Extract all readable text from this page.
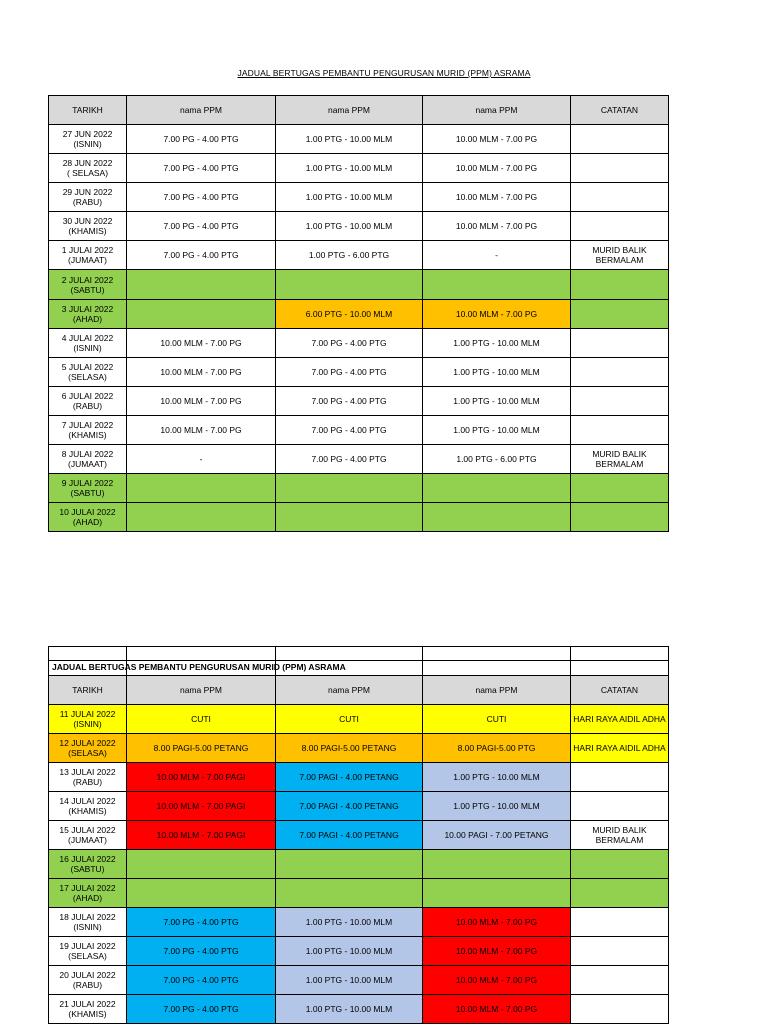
JADUAL BERTUGAS PEMBANTU PENGURUSAN MURID (PPM) ASRAMA
TARIKH	nama PPM	nama PPM	nama PPM	CATATAN

27 JUN 2022
(ISNIN)	7.00 PG - 4.00 PTG	1.00 PTG - 10.00 MLM	10.00 MLM - 7.00 PG	

28 JUN 2022
( SELASA)	7.00 PG - 4.00 PTG	1.00 PTG - 10.00 MLM	10.00 MLM - 7.00 PG	

29 JUN 2022
(RABU)	7.00 PG - 4.00 PTG	1.00 PTG - 10.00 MLM	10.00 MLM - 7.00 PG	

30 JUN 2022
(KHAMIS)	7.00 PG - 4.00 PTG	1.00 PTG - 10.00 MLM	10.00 MLM - 7.00 PG	

1 JULAI 2022
(JUMAAT)	7.00 PG - 4.00 PTG	1.00 PTG - 6.00 PTG	-	MURID BALIK BERMALAM

2 JULAI 2022
(SABTU)				

3 JULAI 2022
(AHAD)		6.00 PTG - 10.00 MLM	10.00 MLM - 7.00 PG	

4 JULAI 2022
(ISNIN)	10.00 MLM - 7.00 PG	7.00 PG - 4.00 PTG	1.00 PTG - 10.00 MLM	

5 JULAI 2022
(SELASA)	10.00 MLM - 7.00 PG	7.00 PG - 4.00 PTG	1.00 PTG - 10.00 MLM	

6 JULAI 2022
(RABU)	10.00 MLM - 7.00 PG	7.00 PG - 4.00 PTG	1.00 PTG - 10.00 MLM	

7 JULAI 2022
(KHAMIS)	10.00 MLM - 7.00 PG	7.00 PG - 4.00 PTG	1.00 PTG - 10.00 MLM	

8 JULAI 2022
(JUMAAT)	-	7.00 PG - 4.00 PTG	1.00 PTG - 6.00 PTG	MURID BALIK BERMALAM

9 JULAI 2022
(SABTU)				

10 JULAI 2022
(AHAD)				

JADUAL BERTUGAS PEMBANTU PENGURUSAN MURID (PPM) ASRAMA

TARIKH	nama PPM	nama PPM	nama PPM	CATATAN

11 JULAI 2022
(ISNIN)	CUTI	CUTI	CUTI	HARI RAYA AIDIL ADHA

12 JULAI 2022
(SELASA)	8.00 PAGI-5.00 PETANG	8.00 PAGI-5.00 PETANG	8.00 PAGI-5.00 PTG	HARI RAYA AIDIL ADHA

13 JULAI 2022
(RABU)	10.00 MLM - 7.00 PAGI	7.00 PAGI - 4.00 PETANG	1.00 PTG - 10.00 MLM	

14 JULAI 2022
(KHAMIS)	10.00 MLM - 7.00 PAGI	7.00 PAGI - 4.00 PETANG	1.00 PTG - 10.00 MLM	

15 JULAI 2022
(JUMAAT)	10.00 MLM - 7.00 PAGI	7.00 PAGI - 4.00 PETANG	10.00 PAGI - 7.00 PETANG	MURID BALIK BERMALAM

16 JULAI 2022
(SABTU)				

17 JULAI 2022
(AHAD)				

18 JULAI 2022
(ISNIN)	7.00 PG - 4.00 PTG	1.00 PTG - 10.00 MLM	10.00 MLM - 7.00 PG	

19 JULAI 2022
(SELASA)	7.00 PG - 4.00 PTG	1.00 PTG - 10.00 MLM	10.00 MLM - 7.00 PG	

20 JULAI 2022
(RABU)	7.00 PG - 4.00 PTG	1.00 PTG - 10.00 MLM	10.00 MLM - 7.00 PG	

21 JULAI 2022
(KHAMIS)	7.00 PG - 4.00 PTG	1.00 PTG - 10.00 MLM	10.00 MLM - 7.00 PG	
